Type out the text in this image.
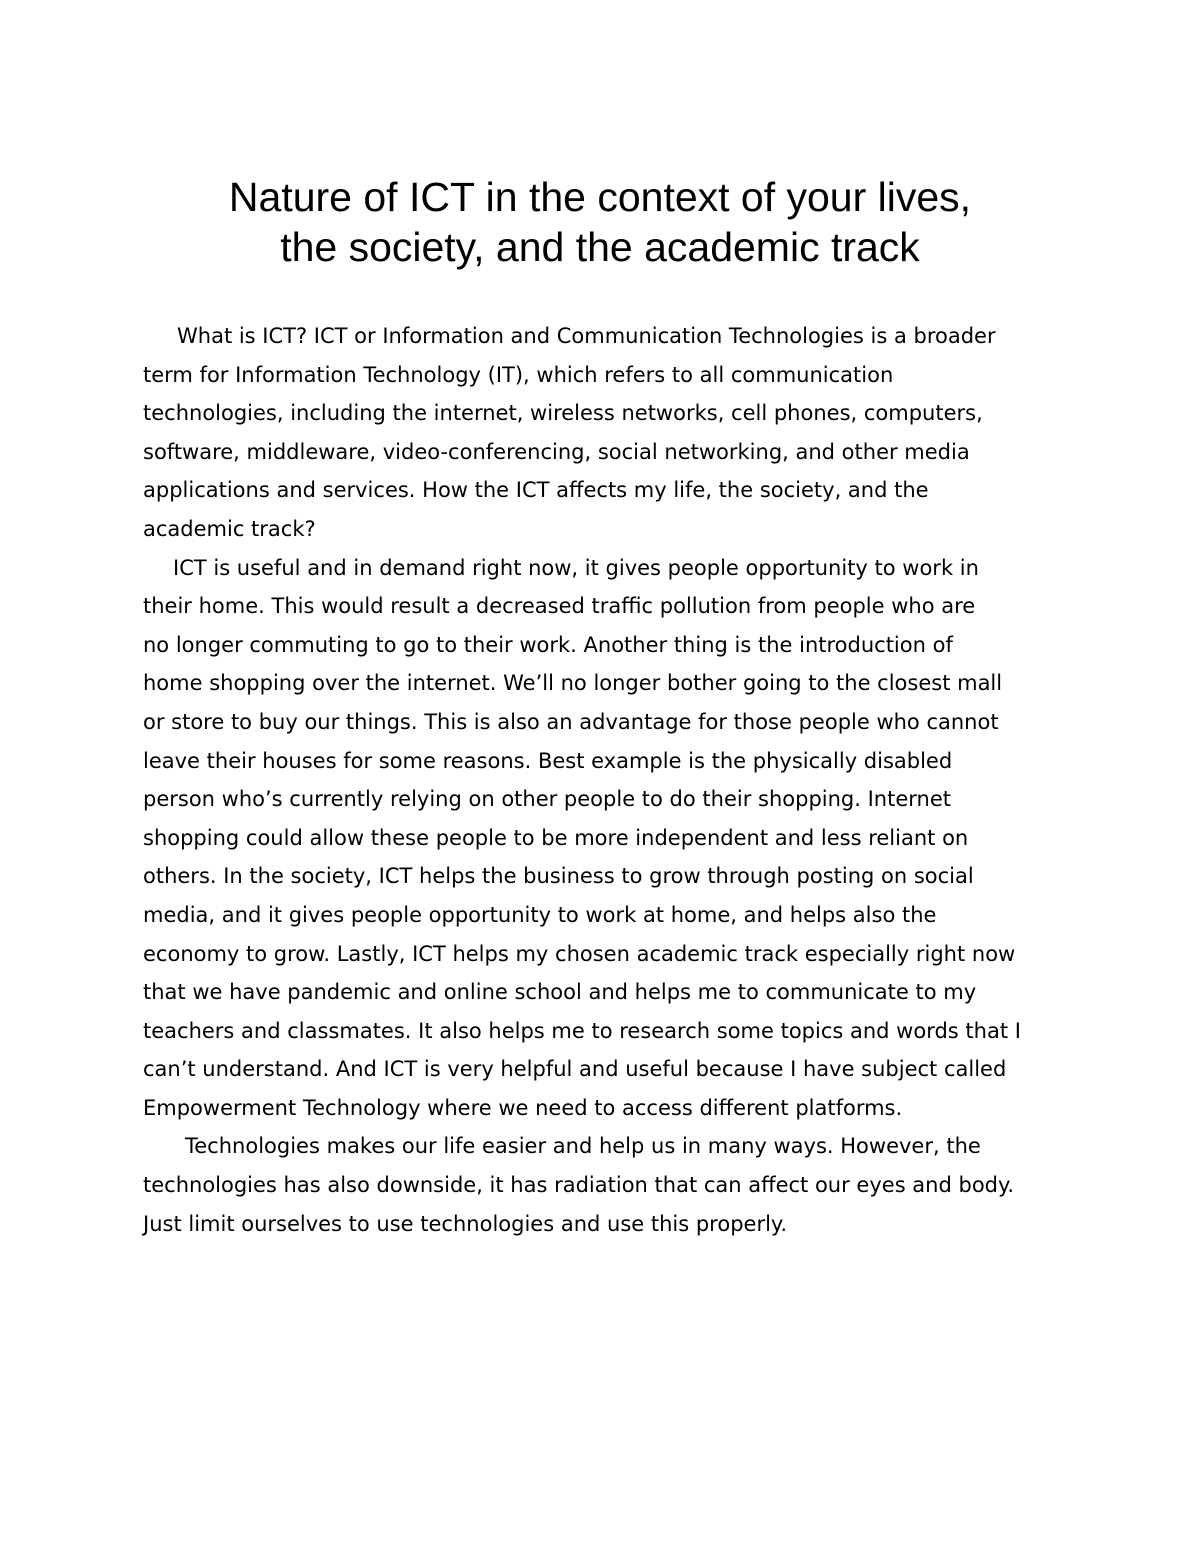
Nature of ICT in the context of your lives,
the society, and the academic track
What is ICT? ICT or Information and Communication Technologies is a broader
term for Information Technology (IT), which refers to all communication
technologies, including the internet, wireless networks, cell phones, computers,
software, middleware, video-conferencing, social networking, and other media
applications and services. How the ICT affects my life, the society, and the
academic track?
ICT is useful and in demand right now, it gives people opportunity to work in
their home. This would result a decreased traffic pollution from people who are
no longer commuting to go to their work. Another thing is the introduction of
home shopping over the internet. We’ll no longer bother going to the closest mall
or store to buy our things. This is also an advantage for those people who cannot
leave their houses for some reasons. Best example is the physically disabled
person who’s currently relying on other people to do their shopping. Internet
shopping could allow these people to be more independent and less reliant on
others. In the society, ICT helps the business to grow through posting on social
media, and it gives people opportunity to work at home, and helps also the
economy to grow. Lastly, ICT helps my chosen academic track especially right now
that we have pandemic and online school and helps me to communicate to my
teachers and classmates. It also helps me to research some topics and words that I
can’t understand. And ICT is very helpful and useful because I have subject called
Empowerment Technology where we need to access different platforms.
Technologies makes our life easier and help us in many ways. However, the
technologies has also downside, it has radiation that can affect our eyes and body.
Just limit ourselves to use technologies and use this properly.
